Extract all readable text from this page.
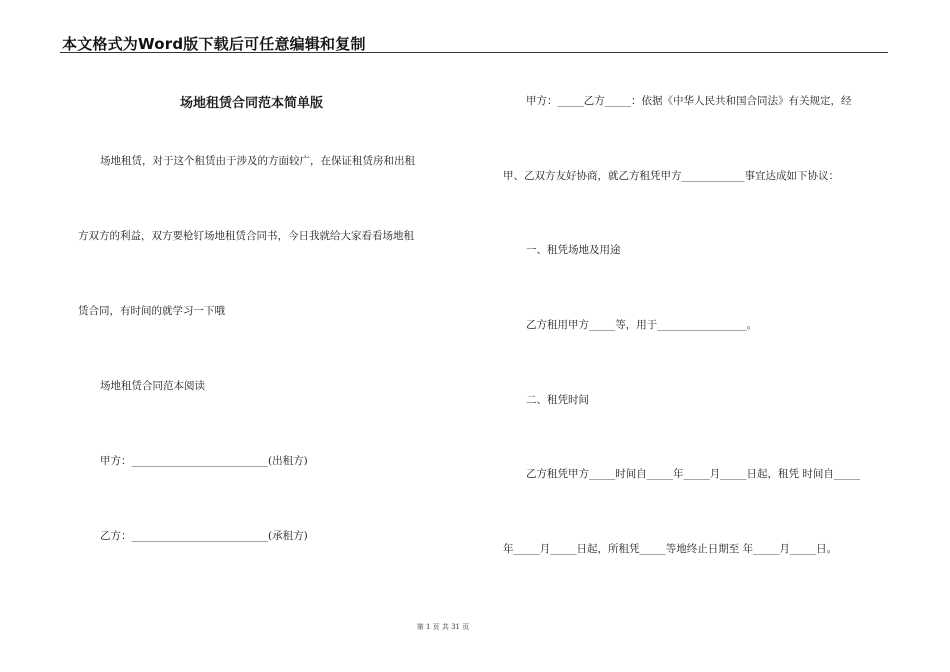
本文格式为Word版下载后可任意编辑和复制
场地租赁合同范本简单版
场地租赁，对于这个租赁由于涉及的方面较广，在保证租赁房和出租
方双方的利益，双方要枪钉场地租赁合同书，今日我就给大家看看场地租
赁合同，有时间的就学习一下哦
场地租赁合同范本阅读
甲方：__________________________(出租方)
乙方：__________________________(承租方)
甲方：_____乙方_____：依据《中华人民共和国合同法》有关规定，经
甲、乙双方友好协商，就乙方租凭甲方____________事宜达成如下协议：
一、租凭场地及用途
乙方租用甲方_____等，用于_________________。
二、租凭时间
乙方租凭甲方_____时间自_____年_____月_____日起，租凭 时间自_____
年_____月_____日起，所租凭_____等地终止日期至 年_____月_____日。
第 1 页 共 31 页
